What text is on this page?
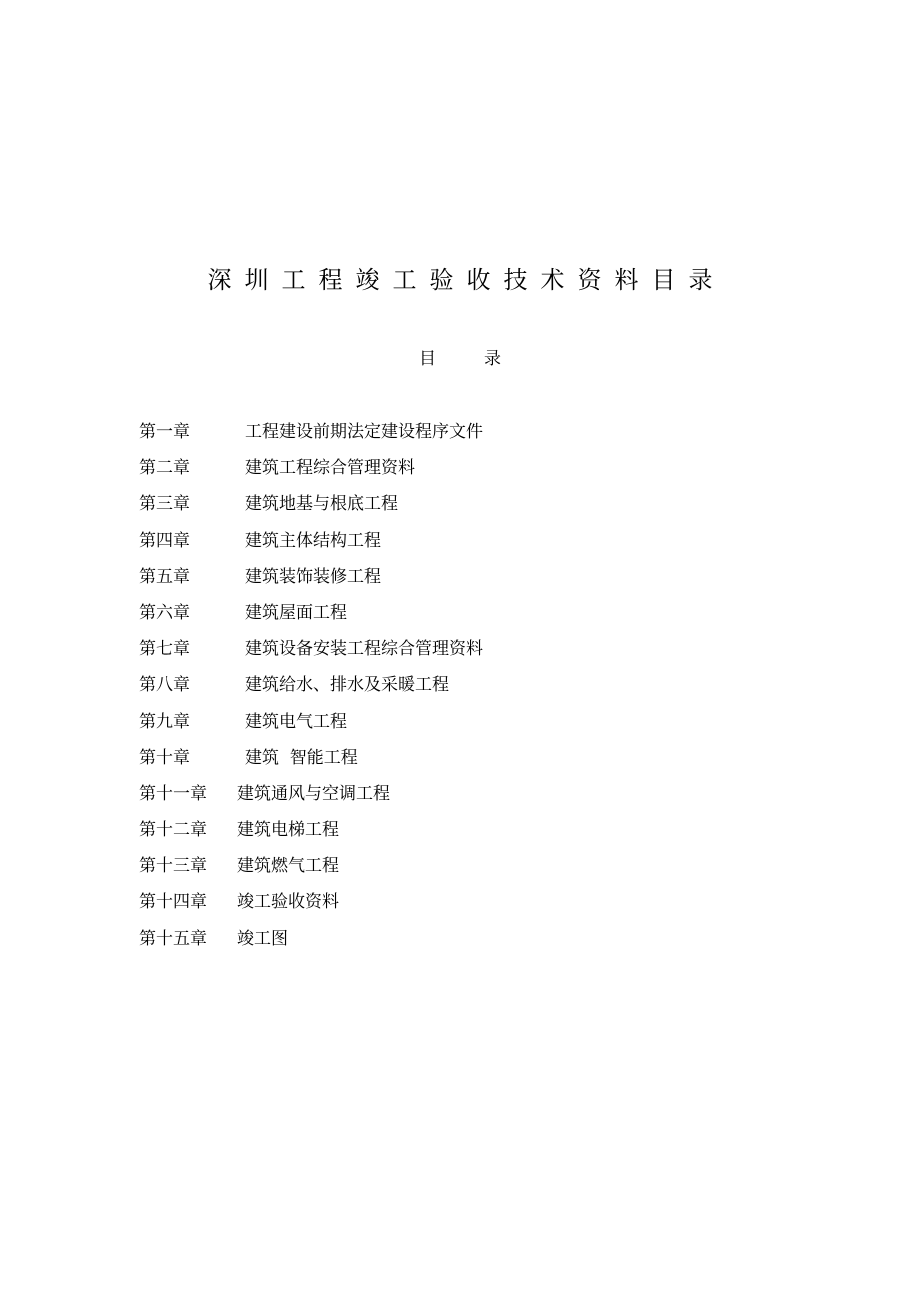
深圳工程竣工验收技术资料目录
目	录
第一章	工程建设前期法定建设程序文件
第二章	建筑工程综合管理资料
第三章	建筑地基与根底工程
第四章	建筑主体结构工程
第五章	建筑装饰装修工程
第六章	建筑屋面工程
第七章	建筑设备安装工程综合管理资料
第八章	建筑给水、排水及采暖工程
第九章	建筑电气工程
第十章	建筑  智能工程
第十一章 建筑通风与空调工程
第十二章 建筑电梯工程
第十三章 建筑燃气工程
第十四章 竣工验收资料
第十五章 竣工图
